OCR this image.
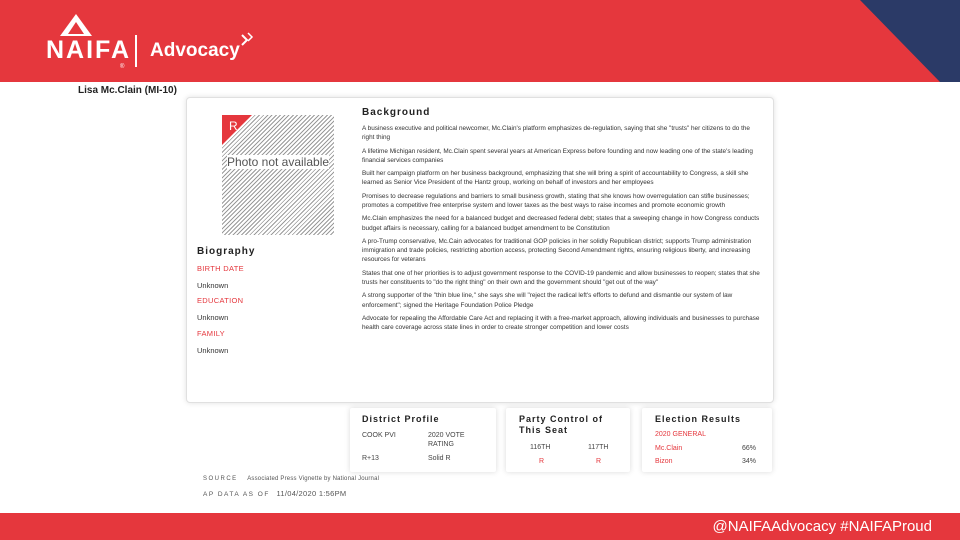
NAIFA
®
Advocacy
Lisa Mc.Clain (MI-10)
R
Photo not available
Biography
BIRTH DATE
Unknown
EDUCATION
Unknown
FAMILY
Unknown
Background

A business executive and political newcomer, Mc.Clain's platform emphasizes de-regulation, saying that she "trusts" her citizens to do the right thing

A lifetime Michigan resident, Mc.Clain spent several years at American Express before founding and now leading one of the state's leading financial services companies

Built her campaign platform on her business background, emphasizing that she will bring a spirit of accountability to Congress, a skill she learned as Senior Vice President of the Hantz group, working on behalf of investors and her employees

Promises to decrease regulations and barriers to small business growth, stating that she knows how overregulation can stifle businesses; promotes a competitive free enterprise system and lower taxes as the best ways to raise incomes and promote economic growth

Mc.Clain emphasizes the need for a balanced budget and decreased federal debt; states that a sweeping change in how Congress conducts budget affairs is necessary, calling for a balanced budget amendment to be Constitution

A pro-Trump conservative, Mc.Cain advocates for traditional GOP policies in her solidly Republican district; supports Trump administration immigration and trade policies, restricting abortion access, protecting Second Amendment rights, ensuring religious liberty, and increasing resources for veterans

States that one of her priorities is to adjust government response to the COVID-19 pandemic and allow businesses to reopen; states that she trusts her constituents to "do the right thing" on their own and the government should "get out of the way"

A strong supporter of the "thin blue line," she says she will "reject the radical left's efforts to defund and dismantle our system of law enforcement"; signed the Heritage Foundation Police Pledge

Advocate for repealing the Affordable Care Act and replacing it with a free-market approach, allowing individuals and businesses to purchase health care coverage across state lines in order to create stronger competition and lower costs

District Profile
COOK PVI	2020 VOTE RATING
R+13	Solid R
Party Control of This Seat
116TH	117TH
R	R
Election Results
2020 GENERAL
Mc.Clain	66%
Bizon	34%
SOURCE Associated Press Vignette by National Journal
AP DATA AS OF 11/04/2020 1:56PM
@NAIFAAdvocacy #NAIFAProud
